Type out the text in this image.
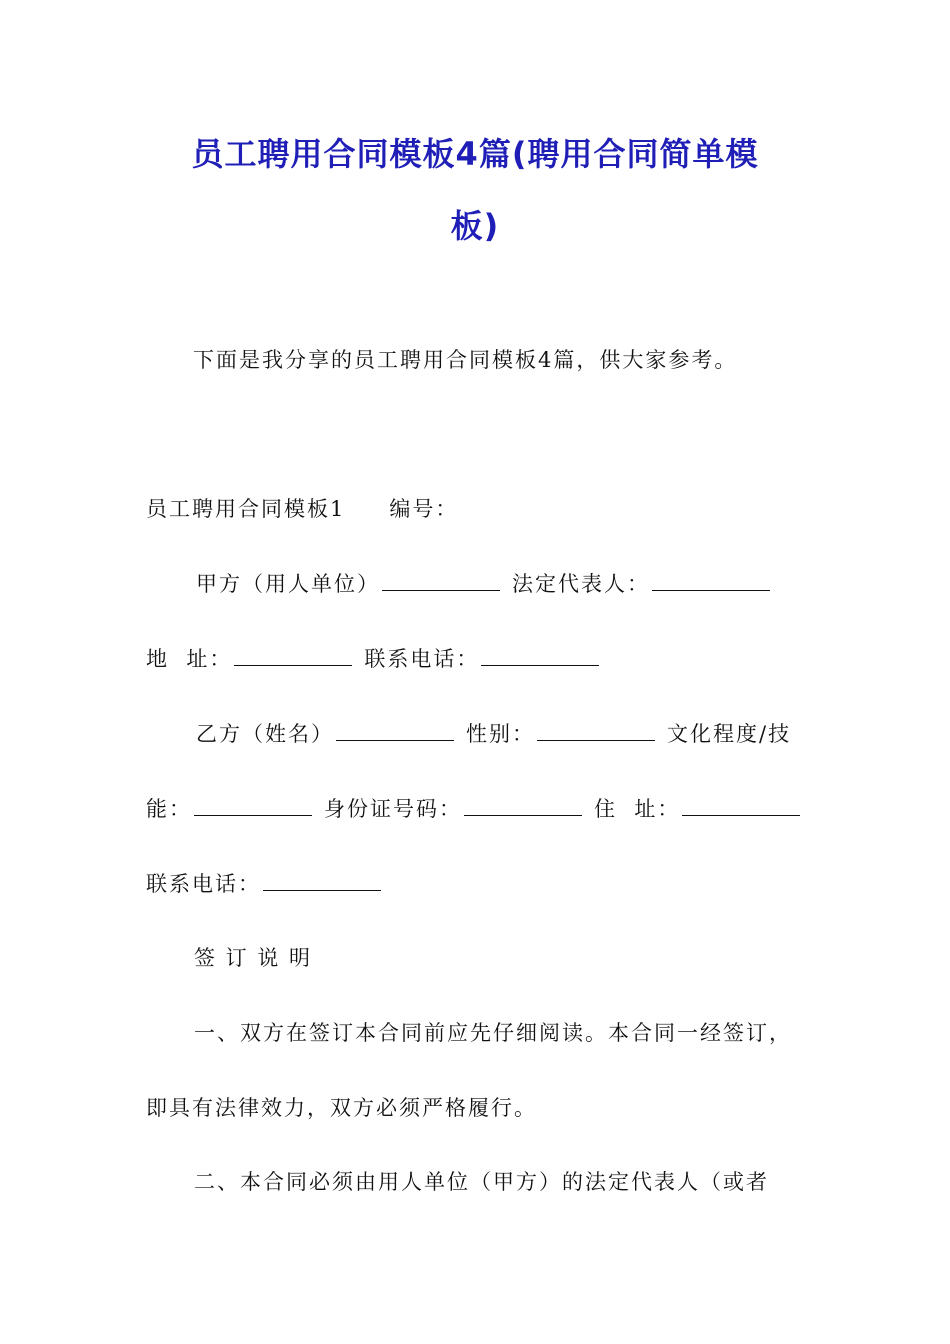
员工聘用合同模板4篇(聘用合同简单模
板)
下面是我分享的员工聘用合同模板4篇，供大家参考。
员工聘用合同模板1 编号：
甲方（用人单位）	法定代表人：
地  址：	联系电话：
乙方（姓名）	性别：	文化程度/技
能：	身份证号码：	住  址：
联系电话：
签 订 说 明
一、双方在签订本合同前应先仔细阅读。本合同一经签订，
即具有法律效力，双方必须严格履行。
二、本合同必须由用人单位（甲方）的法定代表人（或者
